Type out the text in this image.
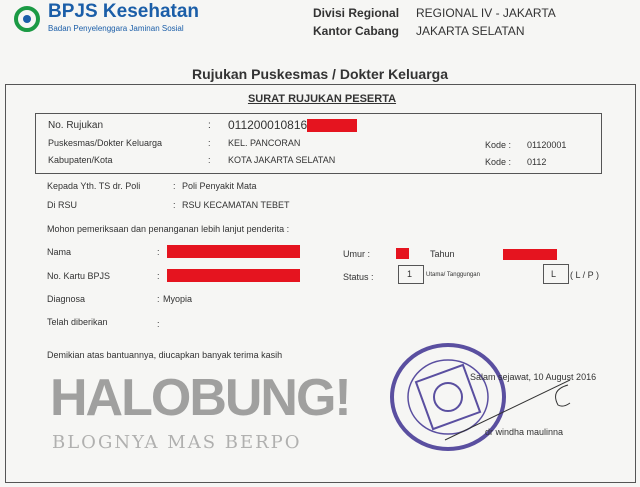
BPJS Kesehatan
Badan Penyelenggara Jaminan Sosial
Divisi Regional REGIONAL IV - JAKARTA
Kantor Cabang JAKARTA SELATAN
Rujukan Puskesmas / Dokter Keluarga
SURAT RUJUKAN PESERTA
No. Rujukan	: 011200010816
Puskesmas/Dokter Keluarga	: KEL. PANCORAN	Kode : 01120001
Kabupaten/Kota	: KOTA JAKARTA SELATAN	Kode : 0112
Kepada Yth. TS dr. Poli	: Poli Penyakit Mata
Di RSU	: RSU KECAMATAN TEBET
Mohon pemeriksaan dan penanganan lebih lanjut penderita :
Nama	:	Umur :	Tahun
No. Kartu BPJS	:	Status :	1 Utama/ Tanggungan	L ( L / P )
Diagnosa	: Myopia
Telah diberikan	:
Demikian atas bantuannya, diucapkan banyak terima kasih
HALOBUNG!
BLOGNYA MAS BERPO
Salam sejawat, 10 August 2016
dr windha maulinna
